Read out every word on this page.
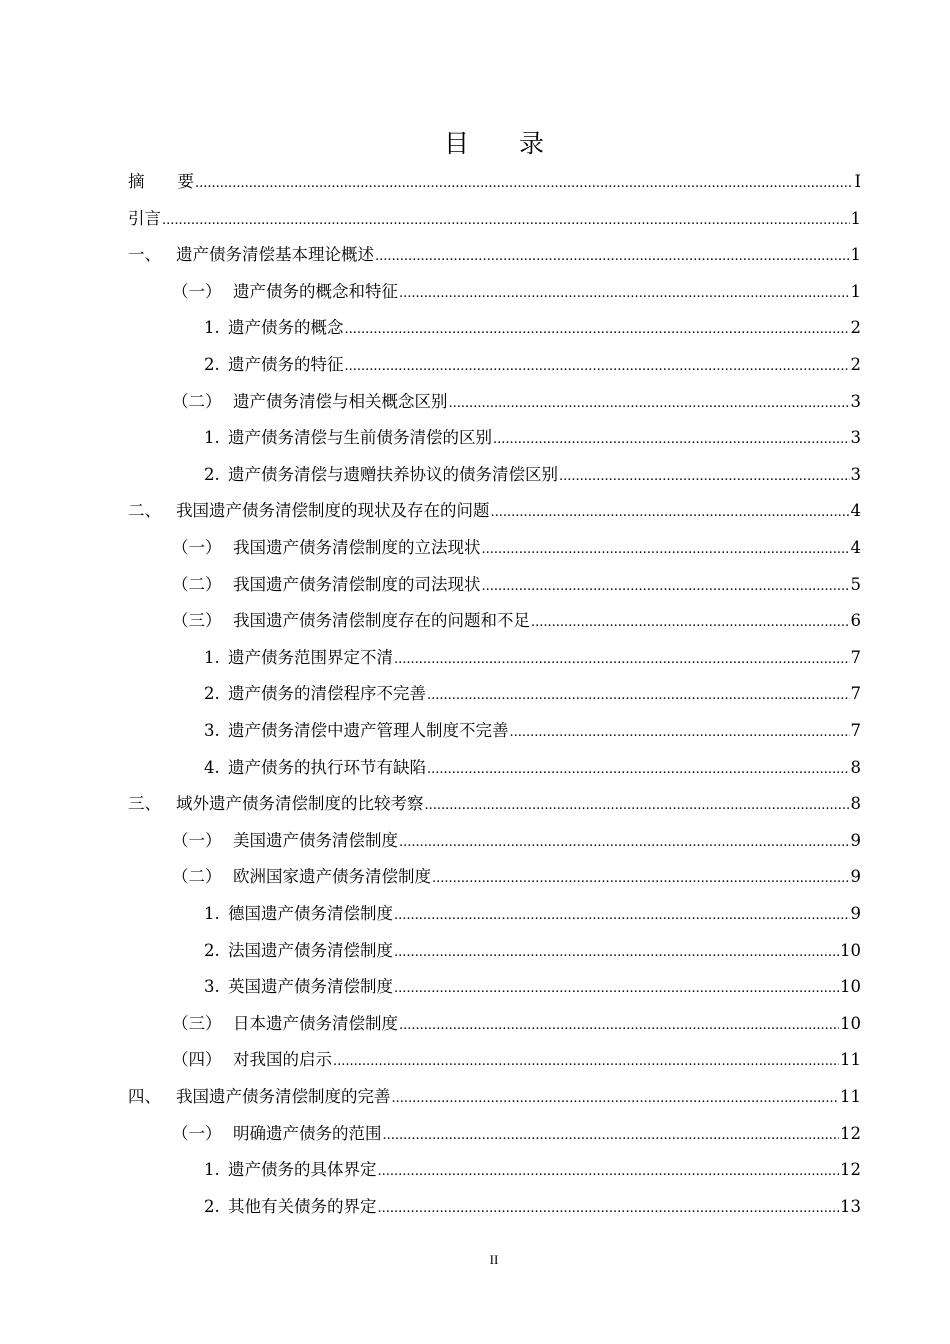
目 录
摘　　要 .....	I
引言 .....	1
一、 遗产债务清偿基本理论概述 .....	1
（一） 遗产债务的概念和特征 .....	1
1. 遗产债务的概念 .....	2
2. 遗产债务的特征 .....	2
（二） 遗产债务清偿与相关概念区别 .....	3
1. 遗产债务清偿与生前债务清偿的区别 .....	3
2. 遗产债务清偿与遗赠扶养协议的债务清偿区别 .....	3
二、 我国遗产债务清偿制度的现状及存在的问题 .....	4
（一） 我国遗产债务清偿制度的立法现状 .....	4
（二） 我国遗产债务清偿制度的司法现状 .....	5
（三） 我国遗产债务清偿制度存在的问题和不足 .....	6
1. 遗产债务范围界定不清 .....	7
2. 遗产债务的清偿程序不完善 .....	7
3. 遗产债务清偿中遗产管理人制度不完善 .....	7
4. 遗产债务的执行环节有缺陷 .....	8
三、 域外遗产债务清偿制度的比较考察 .....	8
（一） 美国遗产债务清偿制度 .....	9
（二） 欧洲国家遗产债务清偿制度 .....	9
1. 德国遗产债务清偿制度 .....	9
2. 法国遗产债务清偿制度 .....	10
3. 英国遗产债务清偿制度 .....	10
（三） 日本遗产债务清偿制度 .....	10
（四） 对我国的启示 .....	11
四、 我国遗产债务清偿制度的完善 .....	11
（一） 明确遗产债务的范围 .....	12
1. 遗产债务的具体界定 .....	12
2. 其他有关债务的界定 .....	13
II
